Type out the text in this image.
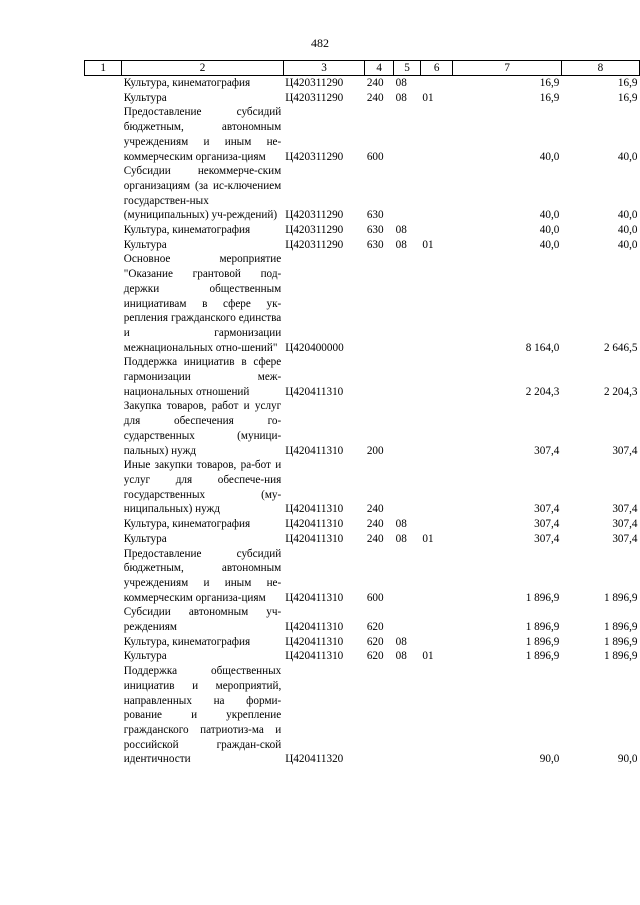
482
1	2	3	4	5	6	7	8
	Культура, кинематография	Ц420311290	240	08		16,9	16,9
	Культура	Ц420311290	240	08	01	16,9	16,9
	Предоставление субсидий бюджетным, автономным учреждениям и иным не-коммерческим организа-циям	Ц420311290	600			40,0	40,0
	Субсидии некоммерче-ским организациям (за ис-ключением государствен-ных (муниципальных) уч-реждений)	Ц420311290	630			40,0	40,0
	Культура, кинематография	Ц420311290	630	08		40,0	40,0
	Культура	Ц420311290	630	08	01	40,0	40,0
	Основное мероприятие "Оказание грантовой под-держки общественным инициативам в сфере ук-репления гражданского единства и гармонизации межнациональных отно-шений"	Ц420400000				8 164,0	2 646,5
	Поддержка инициатив в сфере гармонизации меж-национальных отношений	Ц420411310				2 204,3	2 204,3
	Закупка товаров, работ и услуг для обеспечения го-сударственных (муници-пальных) нужд	Ц420411310	200			307,4	307,4
	Иные закупки товаров, ра-бот и услуг для обеспече-ния государственных (му-ниципальных) нужд	Ц420411310	240			307,4	307,4
	Культура, кинематография	Ц420411310	240	08		307,4	307,4
	Культура	Ц420411310	240	08	01	307,4	307,4
	Предоставление субсидий бюджетным, автономным учреждениям и иным не-коммерческим организа-циям	Ц420411310	600			1 896,9	1 896,9
	Субсидии автономным уч-реждениям	Ц420411310	620			1 896,9	1 896,9
	Культура, кинематография	Ц420411310	620	08		1 896,9	1 896,9
	Культура	Ц420411310	620	08	01	1 896,9	1 896,9
	Поддержка общественных инициатив и мероприятий, направленных на форми-рование и укрепление гражданского патриотиз-ма и российской граждан-ской идентичности	Ц420411320				90,0	90,0
